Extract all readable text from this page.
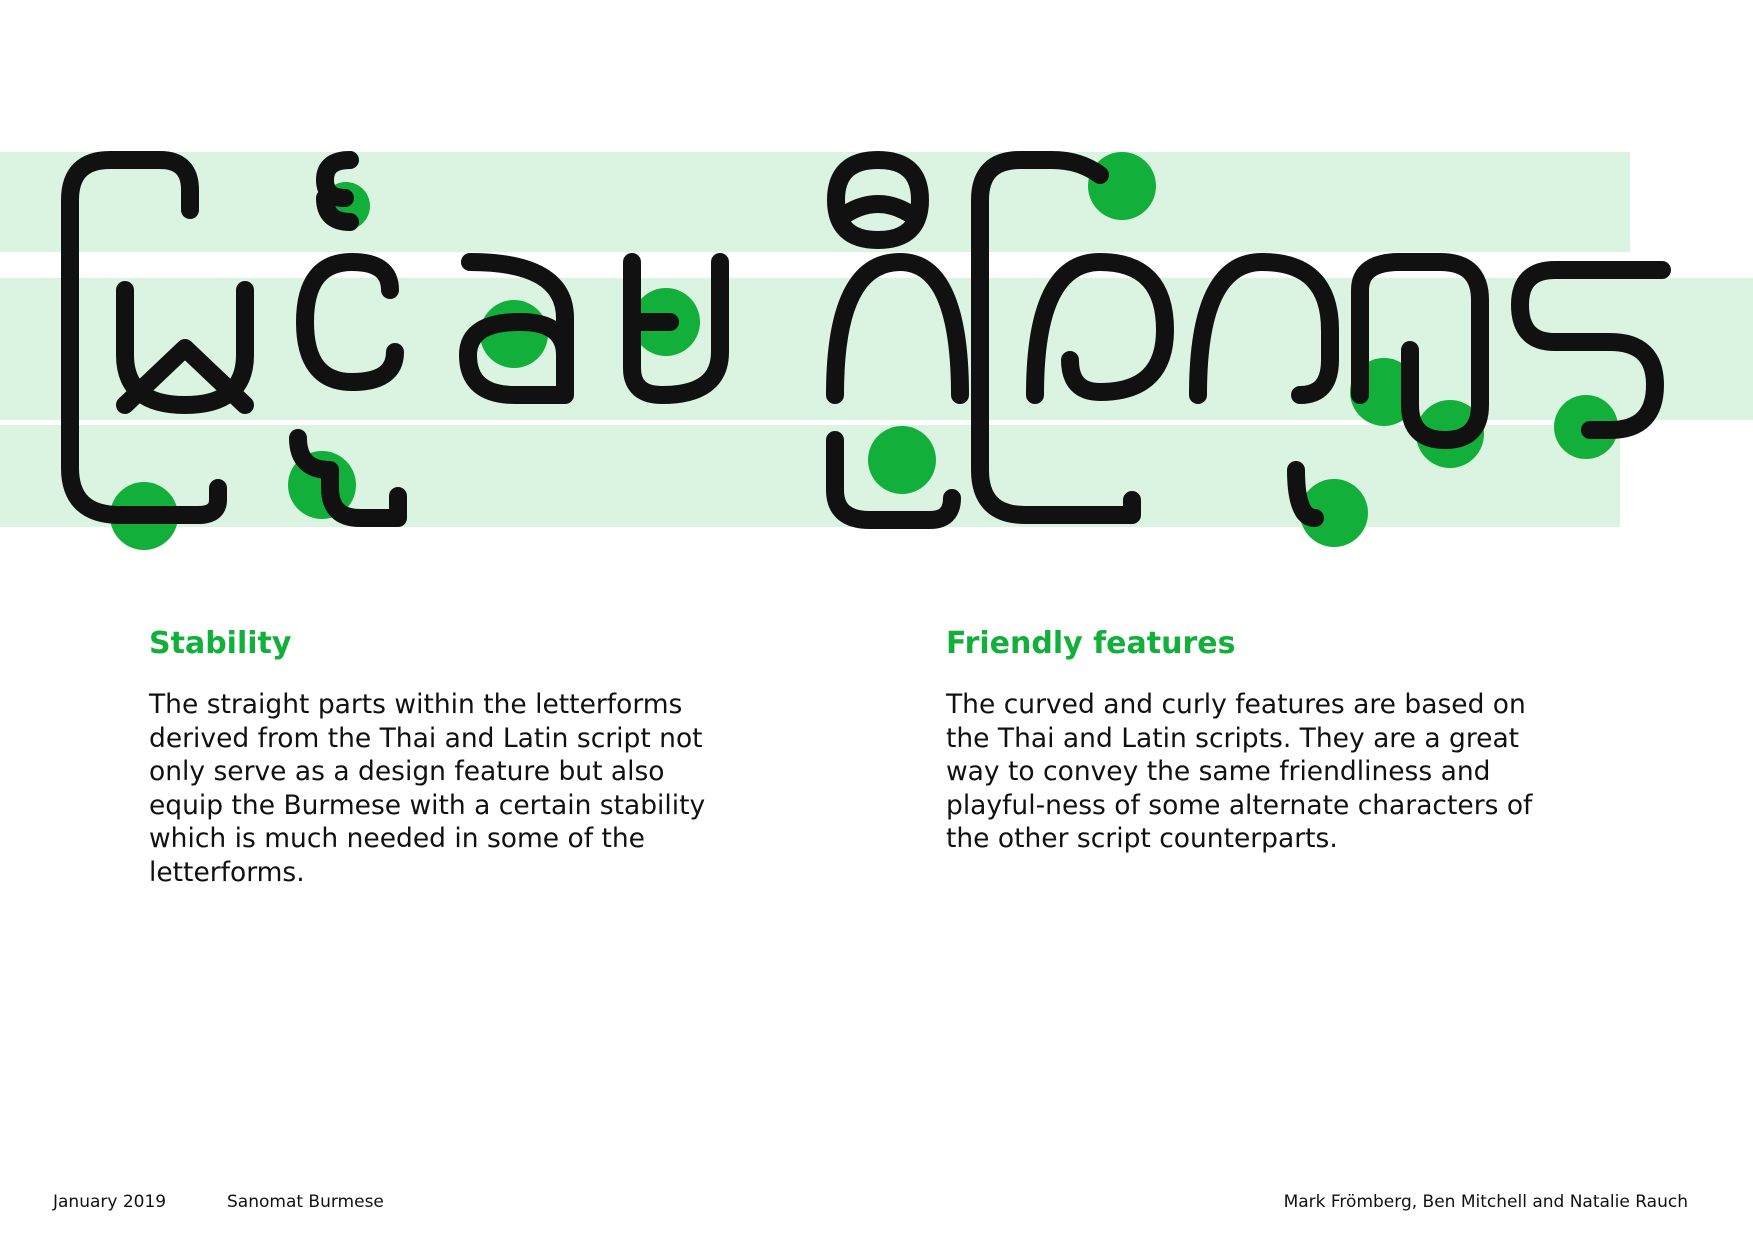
Stability

The straight parts within the letterforms derived from the Thai and Latin script not only serve as a design feature but also equip the Burmese with a certain stability which is much needed in some of the letterforms.

Friendly features

The curved and curly features are based on the Thai and Latin scripts. They are a great way to convey the same friendliness and playful-ness of some alternate characters of the other script counterparts.

January 2019	Sanomat Burmese	Mark Frömberg, Ben Mitchell and Natalie Rauch
